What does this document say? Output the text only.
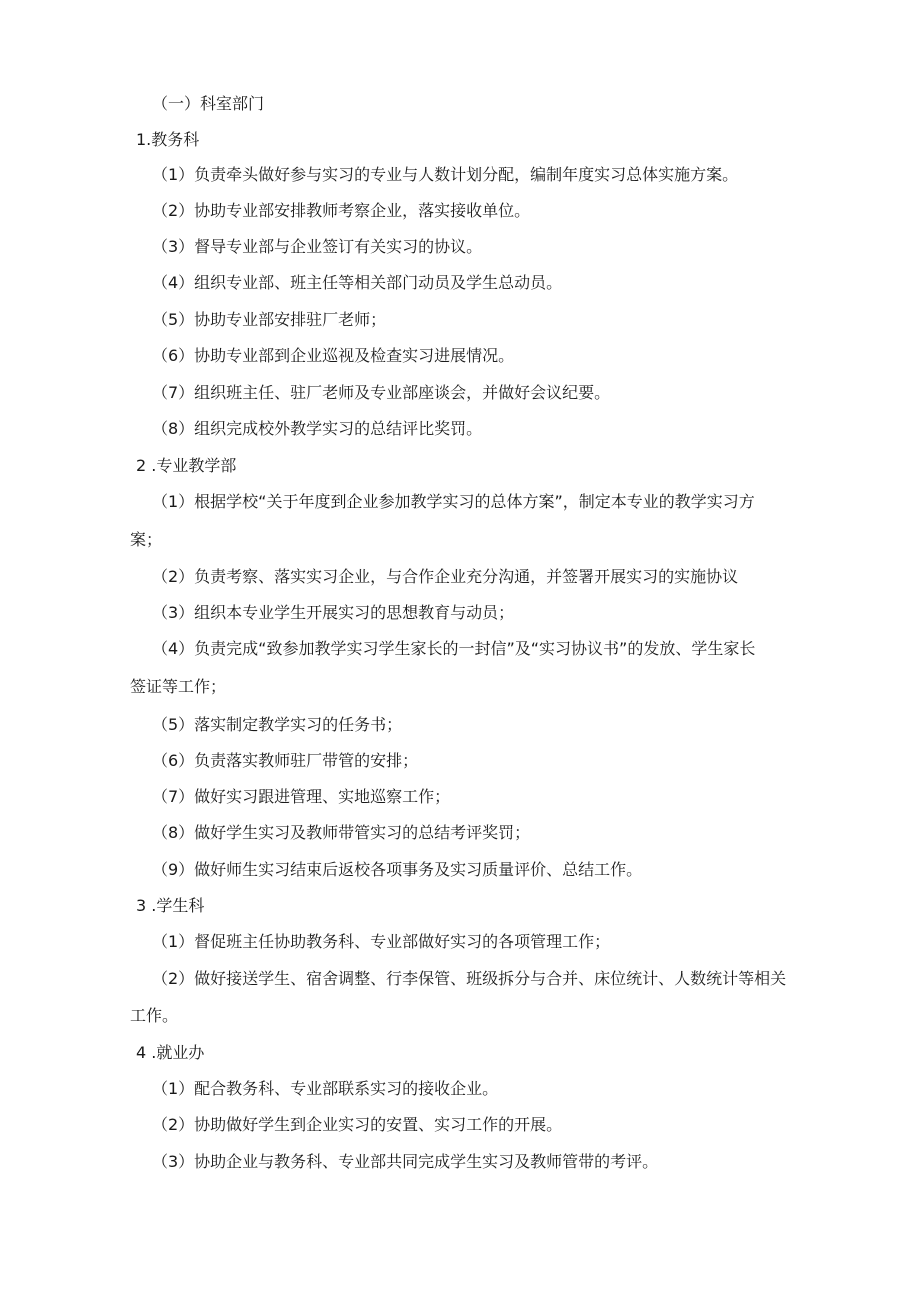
（一）科室部门
1.教务科
（1）负责牵头做好参与实习的专业与人数计划分配，编制年度实习总体实施方案。
（2）协助专业部安排教师考察企业，落实接收单位。
（3）督导专业部与企业签订有关实习的协议。
（4）组织专业部、班主任等相关部门动员及学生总动员。
（5）协助专业部安排驻厂老师；
（6）协助专业部到企业巡视及检查实习进展情况。
（7）组织班主任、驻厂老师及专业部座谈会，并做好会议纪要。
（8）组织完成校外教学实习的总结评比奖罚。
2 .专业教学部
（1）根据学校“关于年度到企业参加教学实习的总体方案”，制定本专业的教学实习方
案；
（2）负责考察、落实实习企业，与合作企业充分沟通，并签署开展实习的实施协议
（3）组织本专业学生开展实习的思想教育与动员；
（4）负责完成“致参加教学实习学生家长的一封信”及“实习协议书”的发放、学生家长
签证等工作；
（5）落实制定教学实习的任务书；
（6）负责落实教师驻厂带管的安排；
（7）做好实习跟进管理、实地巡察工作；
（8）做好学生实习及教师带管实习的总结考评奖罚；
（9）做好师生实习结束后返校各项事务及实习质量评价、总结工作。
3 .学生科
（1）督促班主任协助教务科、专业部做好实习的各项管理工作；
（2）做好接送学生、宿舍调整、行李保管、班级拆分与合并、床位统计、人数统计等相关
工作。
4 .就业办
（1）配合教务科、专业部联系实习的接收企业。
（2）协助做好学生到企业实习的安置、实习工作的开展。
（3）协助企业与教务科、专业部共同完成学生实习及教师管带的考评。
